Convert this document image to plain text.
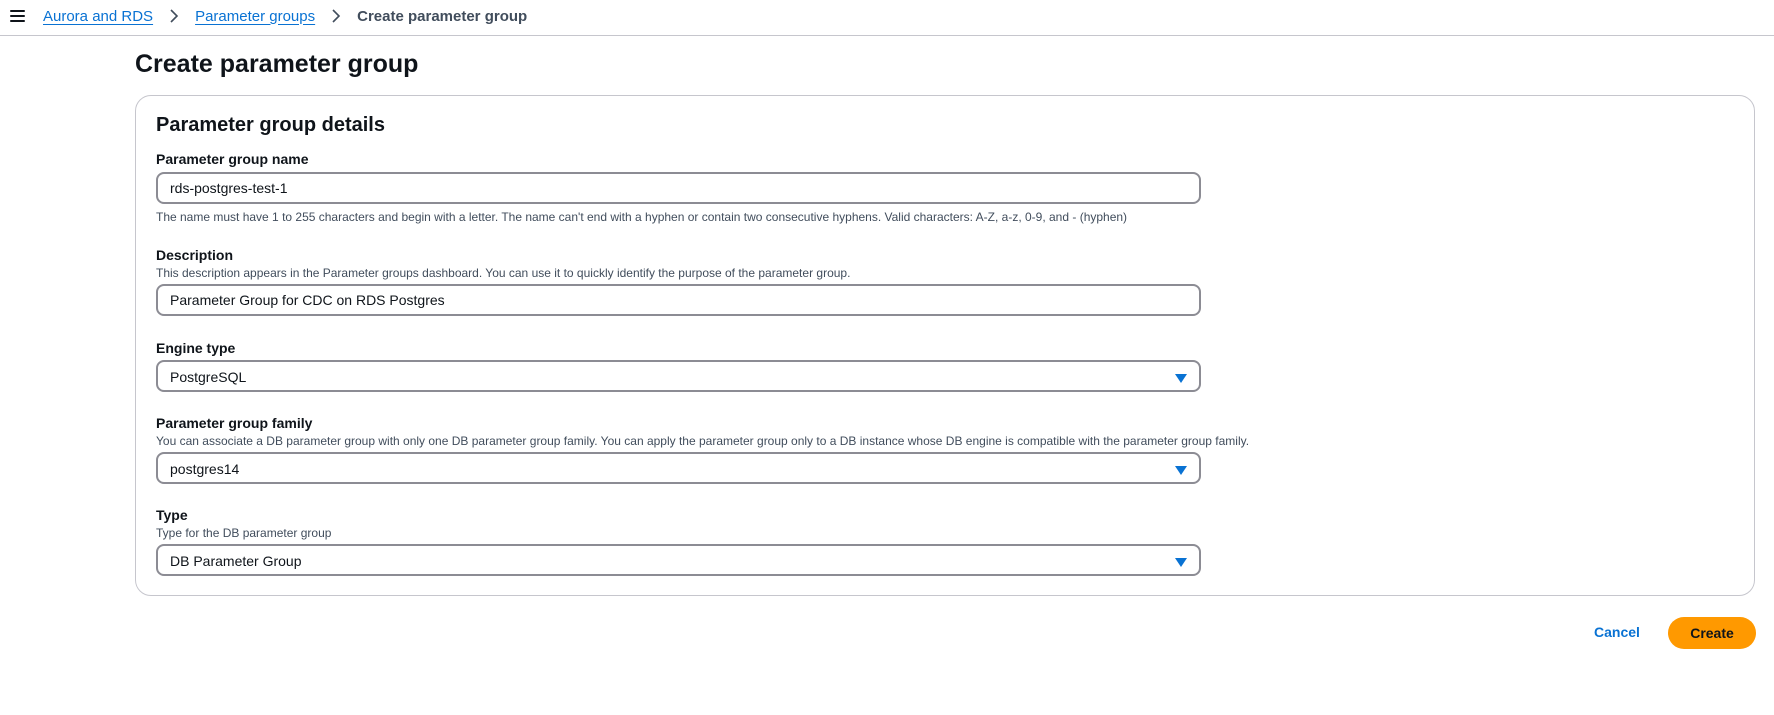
Aurora and RDS	Parameter groups	Create parameter group
Create parameter group
Parameter group details
Parameter group name
rds-postgres-test-1
The name must have 1 to 255 characters and begin with a letter. The name can't end with a hyphen or contain two consecutive hyphens. Valid characters: A-Z, a-z, 0-9, and - (hyphen)
Description
This description appears in the Parameter groups dashboard. You can use it to quickly identify the purpose of the parameter group.
Parameter Group for CDC on RDS Postgres
Engine type
PostgreSQL
Parameter group family
You can associate a DB parameter group with only one DB parameter group family. You can apply the parameter group only to a DB instance whose DB engine is compatible with the parameter group family.
postgres14
Type
Type for the DB parameter group
DB Parameter Group
Cancel	Create
